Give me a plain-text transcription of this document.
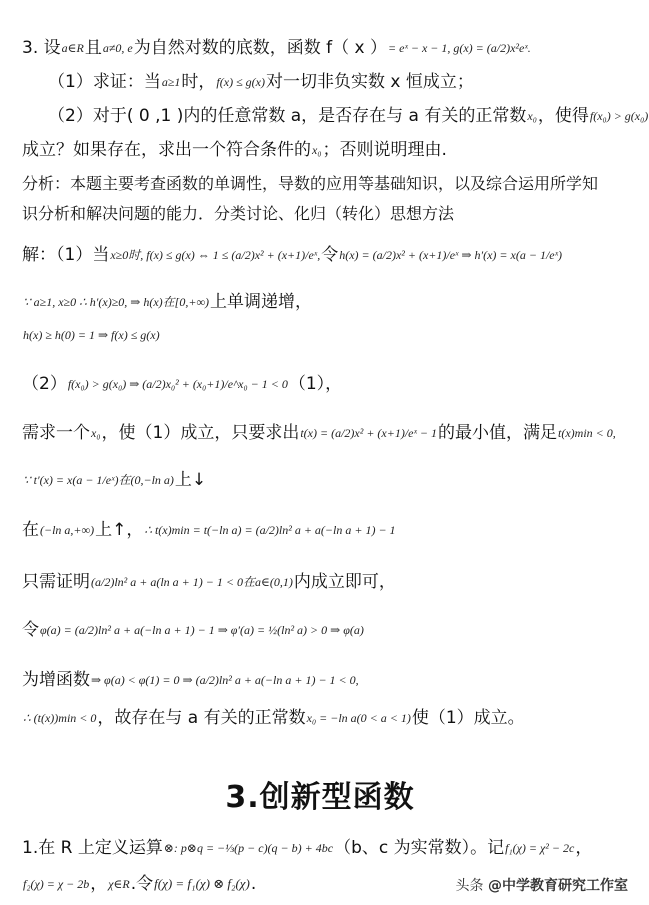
3. 设a∈R且a≠0, e为自然对数的底数，函数 f（ x ）= eˣ − x − 1, g(x) = (a/2)x²eˣ.
（1）求证：当a≥1时，f(x) ≤ g(x)对一切非负实数 x 恒成立；
（2）对于( 0 ,1 )内的任意常数 a，是否存在与 a 有关的正常数x₀，使得f(x₀) > g(x₀)
成立？如果存在，求出一个符合条件的x₀；否则说明理由.
分析：本题主要考查函数的单调性，导数的应用等基础知识，以及综合运用所学知
识分析和解决问题的能力．分类讨论、化归（转化）思想方法
解：（1）当x≥0时, f(x) ≤ g(x) ⇔ 1 ≤ (a/2)x² + (x+1)/eˣ,令h(x) = (a/2)x² + (x+1)/eˣ ⇒ h′(x) = x(a − 1/eˣ)
∵ a≥1, x≥0 ∴ h′(x)≥0, ⇒ h(x)在[0,+∞)上单调递增，
h(x) ≥ h(0) = 1 ⇒ f(x) ≤ g(x)
（2）f(x₀) > g(x₀) ⇒ (a/2)x₀² + (x₀+1)/e^x₀ − 1 < 0（1），
需求一个x₀，使（1）成立，只要求出t(x) = (a/2)x² + (x+1)/eˣ − 1的最小值，满足t(x)min < 0,
∵ t′(x) = x(a − 1/eˣ)在(0,−ln a)上↓
在(−ln a,+∞)上↑，∴ t(x)min = t(−ln a) = (a/2)ln² a + a(−ln a + 1) − 1
只需证明(a/2)ln² a + a(ln a + 1) − 1 < 0在a∈(0,1)内成立即可，
令φ(a) = (a/2)ln² a + a(−ln a + 1) − 1 ⇒ φ′(a) = ½(ln² a) > 0 ⇒ φ(a)
为增函数⇒ φ(a) < φ(1) = 0 ⇒ (a/2)ln² a + a(−ln a + 1) − 1 < 0,
∴ (t(x))min < 0，故存在与 a 有关的正常数x₀ = −ln a(0 < a < 1)使（1）成立。
3.创新型函数
1.在 R 上定义运算⊗: p⊗q = −⅓(p − c)(q − b) + 4bc（b、c 为实常数）。记f₁(χ) = χ² − 2c，
f₂(χ) = χ − 2b，χ∈R.令f(χ) = f₁(χ) ⊗ f₂(χ).	头条 @中学教育研究工作室
